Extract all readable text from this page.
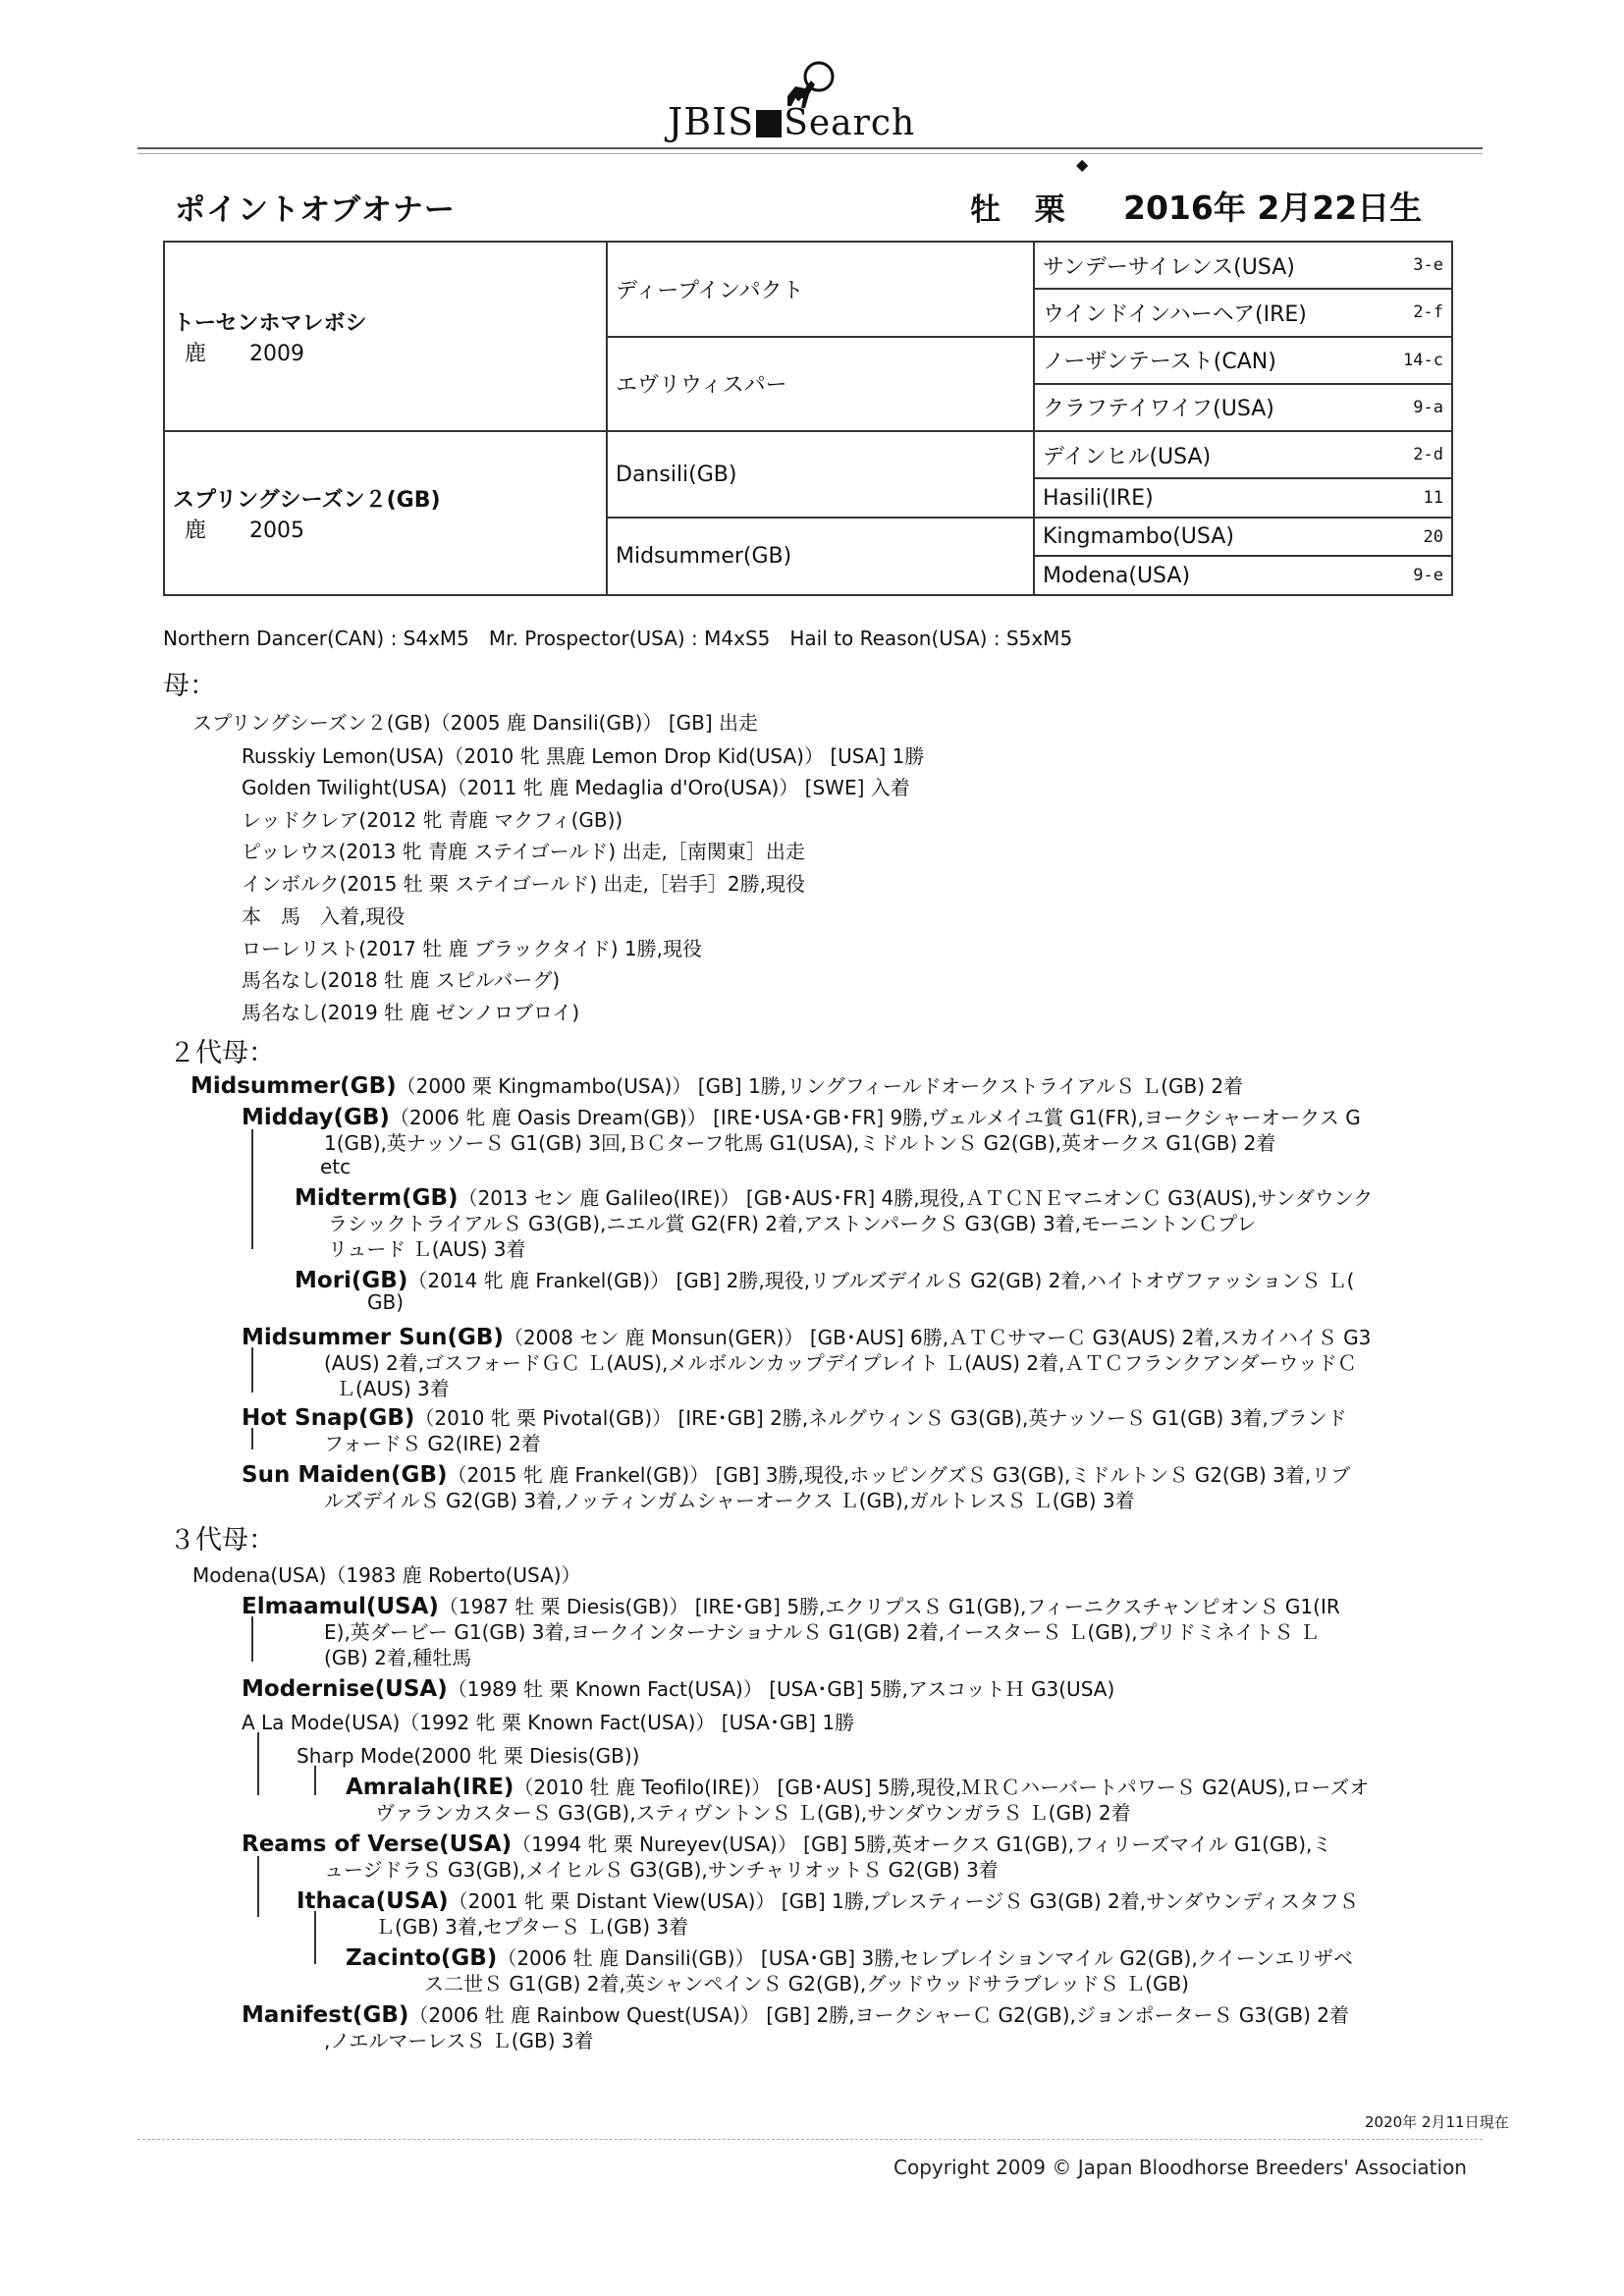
JBIS Search
◆
ポイントオブオナー	牡 栗 2016年 2月22日生
トーセンホマレボシ
鹿　　2009	ディープインパクト	サンデーサイレンス(USA) 3-e

		ウインドインハーヘア(IRE) 2-f

	エヴリウィスパー	ノーザンテースト(CAN) 14-c

		クラフテイワイフ(USA) 9-a

スプリングシーズン２(GB)
鹿　　2005	Dansili(GB)	デインヒル(USA) 2-d

		Hasili(IRE) 11

	Midsummer(GB)	Kingmambo(USA) 20

		Modena(USA) 9-e
Northern Dancer(CAN) : S4xM5　Mr. Prospector(USA) : M4xS5　Hail to Reason(USA) : S5xM5
母：
２代母：
３代母：
スプリングシーズン２(GB)（2005 鹿 Dansili(GB)） [GB] 出走
Russkiy Lemon(USA)（2010 牝 黒鹿 Lemon Drop Kid(USA)） [USA] 1勝
Golden Twilight(USA)（2011 牝 鹿 Medaglia d'Oro(USA)） [SWE] 入着
レッドクレア(2012 牝 青鹿 マクフィ(GB))
ピッレウス(2013 牝 青鹿 ステイゴールド) 出走,［南関東］出走
インボルク(2015 牡 栗 ステイゴールド) 出走,［岩手］2勝,現役
本　馬　入着,現役
ローレリスト(2017 牡 鹿 ブラックタイド) 1勝,現役
馬名なし(2018 牡 鹿 スピルバーグ)
馬名なし(2019 牡 鹿 ゼンノロブロイ)
Midsummer(GB)（2000 栗 Kingmambo(USA)） [GB] 1勝,リングフィールドオークストライアルＳ Ｌ(GB) 2着
Midday(GB)（2006 牝 鹿 Oasis Dream(GB)） [IRE･USA･GB･FR] 9勝,ヴェルメイユ賞 G1(FR),ヨークシャーオークス G
1(GB),英ナッソーＳ G1(GB) 3回,ＢＣターフ牝馬 G1(USA),ミドルトンＳ G2(GB),英オークス G1(GB) 2着
etc
Midterm(GB)（2013 セン 鹿 Galileo(IRE)） [GB･AUS･FR] 4勝,現役,ＡＴＣＮＥマニオンＣ G3(AUS),サンダウンク
ラシックトライアルＳ G3(GB),ニエル賞 G2(FR) 2着,アストンパークＳ G3(GB) 3着,モーニントンＣプレ
リュード Ｌ(AUS) 3着
Mori(GB)（2014 牝 鹿 Frankel(GB)） [GB] 2勝,現役,リブルズデイルＳ G2(GB) 2着,ハイトオヴファッションＳ Ｌ(
GB)
Midsummer Sun(GB)（2008 セン 鹿 Monsun(GER)） [GB･AUS] 6勝,ＡＴＣサマーＣ G3(AUS) 2着,スカイハイＳ G3
(AUS) 2着,ゴスフォードＧＣ Ｌ(AUS),メルボルンカップデイプレイト Ｌ(AUS) 2着,ＡＴＣフランクアンダーウッドＣ
Ｌ(AUS) 3着
Hot Snap(GB)（2010 牝 栗 Pivotal(GB)） [IRE･GB] 2勝,ネルグウィンＳ G3(GB),英ナッソーＳ G1(GB) 3着,ブランド
フォードＳ G2(IRE) 2着
Sun Maiden(GB)（2015 牝 鹿 Frankel(GB)） [GB] 3勝,現役,ホッピングズＳ G3(GB),ミドルトンＳ G2(GB) 3着,リブ
ルズデイルＳ G2(GB) 3着,ノッティンガムシャーオークス Ｌ(GB),ガルトレスＳ Ｌ(GB) 3着
Modena(USA)（1983 鹿 Roberto(USA)）
Elmaamul(USA)（1987 牡 栗 Diesis(GB)） [IRE･GB] 5勝,エクリプスＳ G1(GB),フィーニクスチャンピオンＳ G1(IR
E),英ダービー G1(GB) 3着,ヨークインターナショナルＳ G1(GB) 2着,イースターＳ Ｌ(GB),プリドミネイトＳ Ｌ
(GB) 2着,種牡馬
Modernise(USA)（1989 牡 栗 Known Fact(USA)） [USA･GB] 5勝,アスコットＨ G3(USA)
A La Mode(USA)（1992 牝 栗 Known Fact(USA)） [USA･GB] 1勝
Sharp Mode(2000 牝 栗 Diesis(GB))
Amralah(IRE)（2010 牡 鹿 Teofilo(IRE)） [GB･AUS] 5勝,現役,ＭＲＣハーバートパワーＳ G2(AUS),ローズオ
ヴァランカスターＳ G3(GB),スティヴントンＳ Ｌ(GB),サンダウンガラＳ Ｌ(GB) 2着
Reams of Verse(USA)（1994 牝 栗 Nureyev(USA)） [GB] 5勝,英オークス G1(GB),フィリーズマイル G1(GB),ミ
ュージドラＳ G3(GB),メイヒルＳ G3(GB),サンチャリオットＳ G2(GB) 3着
Ithaca(USA)（2001 牝 栗 Distant View(USA)） [GB] 1勝,プレスティージＳ G3(GB) 2着,サンダウンディスタフＳ
Ｌ(GB) 3着,セプターＳ Ｌ(GB) 3着
Zacinto(GB)（2006 牡 鹿 Dansili(GB)） [USA･GB] 3勝,セレブレイションマイル G2(GB),クイーンエリザベ
ス二世Ｓ G1(GB) 2着,英シャンペインＳ G2(GB),グッドウッドサラブレッドＳ Ｌ(GB)
Manifest(GB)（2006 牡 鹿 Rainbow Quest(USA)） [GB] 2勝,ヨークシャーＣ G2(GB),ジョンポーターＳ G3(GB) 2着
,ノエルマーレスＳ Ｌ(GB) 3着
2020年 2月11日現在
Copyright 2009 © Japan Bloodhorse Breeders' Association
